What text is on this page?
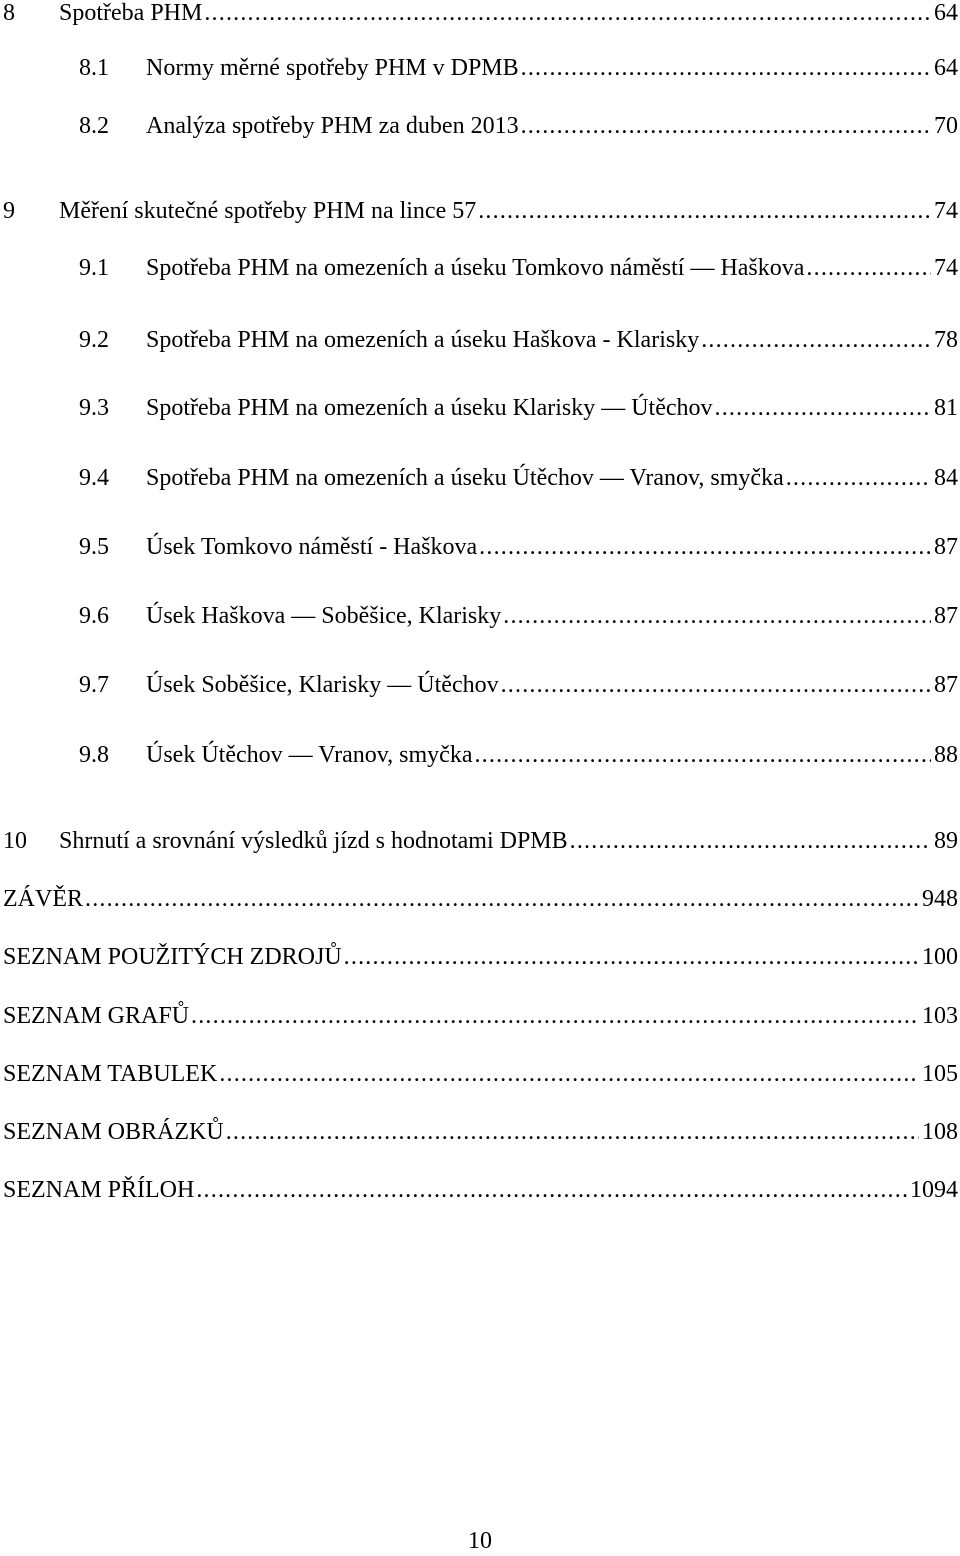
8	Spotřeba PHM . . .	64
8.1	Normy měrné spotřeby PHM v DPMB . . .	64
8.2	Analýza spotřeby PHM za duben 2013 . . .	70
9	Měření skutečné spotřeby PHM na lince 57 . . .	74
9.1	Spotřeba PHM na omezeních a úseku Tomkovo náměstí — Haškova . . .	74
9.2	Spotřeba PHM na omezeních a úseku Haškova - Klarisky . . .	78
9.3	Spotřeba PHM na omezeních a úseku Klarisky — Útěchov . . .	81
9.4	Spotřeba PHM na omezeních a úseku Útěchov — Vranov, smyčka . . .	84
9.5	Úsek Tomkovo náměstí - Haškova . . .	87
9.6	Úsek Haškova — Soběšice, Klarisky . . .	87
9.7	Úsek Soběšice, Klarisky — Útěchov . . .	87
9.8	Úsek Útěchov — Vranov, smyčka . . .	88
10	Shrnutí a srovnání výsledků jízd s hodnotami DPMB . . .	89
ZÁVĚR . . .	948
SEZNAM POUŽITÝCH ZDROJŮ . . .	100
SEZNAM GRAFŮ . . .	103
SEZNAM TABULEK . . .	105
SEZNAM OBRÁZKŮ . . .	108
SEZNAM PŘÍLOH . . .	1094
10
